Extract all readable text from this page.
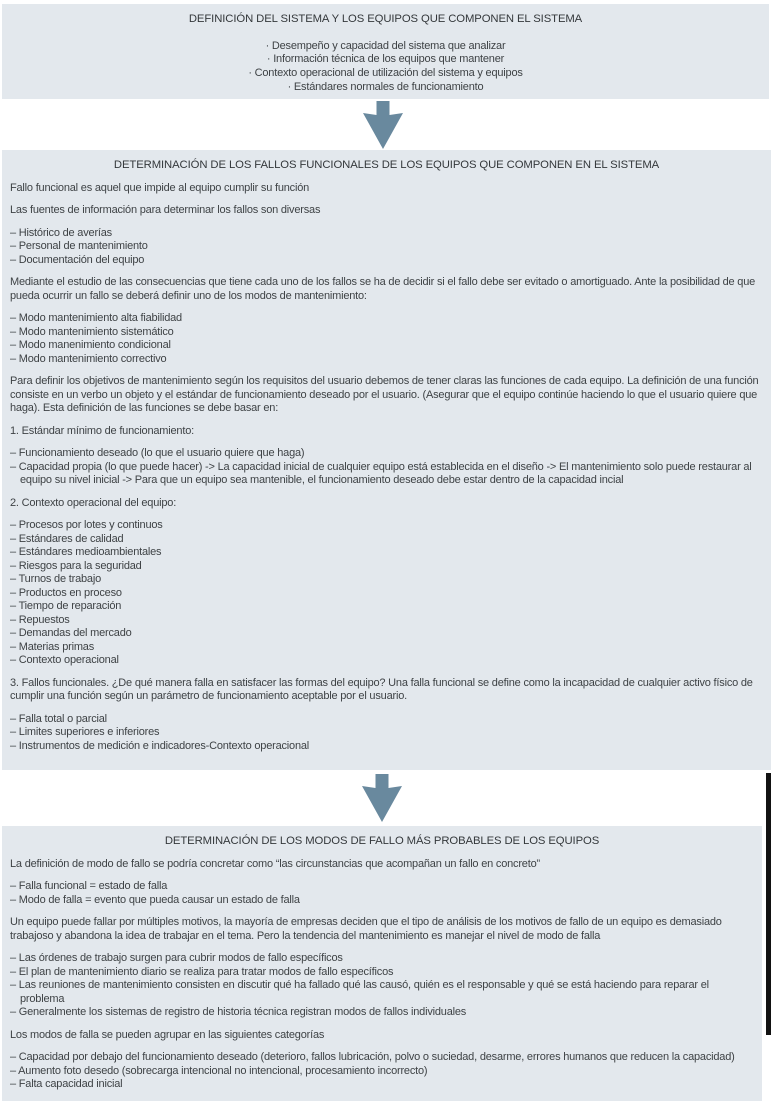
DEFINICIÓN DEL SISTEMA Y LOS EQUIPOS QUE COMPONEN EL SISTEMA
· Desempeño y capacidad del sistema que analizar
· Información técnica de los equipos que mantener
· Contexto operacional de utilización del sistema y equipos
· Estándares normales de funcionamiento
DETERMINACIÓN DE LOS FALLOS FUNCIONALES DE LOS EQUIPOS QUE COMPONEN EN EL SISTEMA

Fallo funcional es aquel que impide al equipo cumplir su función

Las fuentes de información para determinar los fallos son diversas

– Histórico de averías
– Personal de mantenimiento
– Documentación del equipo

Mediante el estudio de las consecuencias que tiene cada uno de los fallos se ha de decidir si el fallo debe ser evitado o amortiguado. Ante la posibilidad de que pueda ocurrir un fallo se deberá definir uno de los modos de mantenimiento:

– Modo mantenimiento alta fiabilidad
– Modo mantenimiento sistemático
– Modo manenimiento condicional
– Modo mantenimiento correctivo

Para definir los objetivos de mantenimiento según los requisitos del usuario debemos de tener claras las funciones de cada equipo. La definición de una función consiste en un verbo un objeto y el estándar de funcionamiento deseado por el usuario. (Asegurar que el equipo continúe haciendo lo que el usuario quiere que haga). Esta definición de las funciones se debe basar en:

1. Estándar mínimo de funcionamiento:

– Funcionamiento deseado (lo que el usuario quiere que haga)
– Capacidad propia (lo que puede hacer) -> La capacidad inicial de cualquier equipo está establecida en el diseño -> El mantenimiento solo puede restaurar al equipo su nivel inicial -> Para que un equipo sea mantenible, el funcionamiento deseado debe estar dentro de la capacidad incial

2. Contexto operacional del equipo:

– Procesos por lotes y continuos
– Estándares de calidad
– Estándares medioambientales
– Riesgos para la seguridad
– Turnos de trabajo
– Productos en proceso
– Tiempo de reparación
– Repuestos
– Demandas del mercado
– Materias primas
– Contexto operacional

3. Fallos funcionales. ¿De qué manera falla en satisfacer las formas del equipo? Una falla funcional se define como la incapacidad de cualquier activo físico de cumplir una función según un parámetro de funcionamiento aceptable por el usuario.

– Falla total o parcial
– Limites superiores e inferiores
– Instrumentos de medición e indicadores-Contexto operacional
DETERMINACIÓN DE LOS MODOS DE FALLO MÁS PROBABLES DE LOS EQUIPOS

La definición de modo de fallo se podría concretar como “las circunstancias que acompañan un fallo en concreto”

– Falla funcional = estado de falla
– Modo de falla = evento que pueda causar un estado de falla

Un equipo puede fallar por múltiples motivos, la mayoría de empresas deciden que el tipo de análisis de los motivos de fallo de un equipo es demasiado trabajoso y abandona la idea de trabajar en el tema. Pero la tendencia del mantenimiento es manejar el nivel de modo de falla

– Las órdenes de trabajo surgen para cubrir modos de fallo específicos
– El plan de mantenimiento diario se realiza para tratar modos de fallo específicos
– Las reuniones de mantenimiento consisten en discutir qué ha fallado qué las causó, quién es el responsable y qué se está haciendo para reparar el problema
– Generalmente los sistemas de registro de historia técnica registran modos de fallos individuales

Los modos de falla se pueden agrupar en las siguientes categorías

– Capacidad por debajo del funcionamiento deseado (deterioro, fallos lubricación, polvo o suciedad, desarme, errores humanos que reducen la capacidad)
– Aumento foto desedo (sobrecarga intencional no intencional, procesamiento incorrecto)
– Falta capacidad inicial
